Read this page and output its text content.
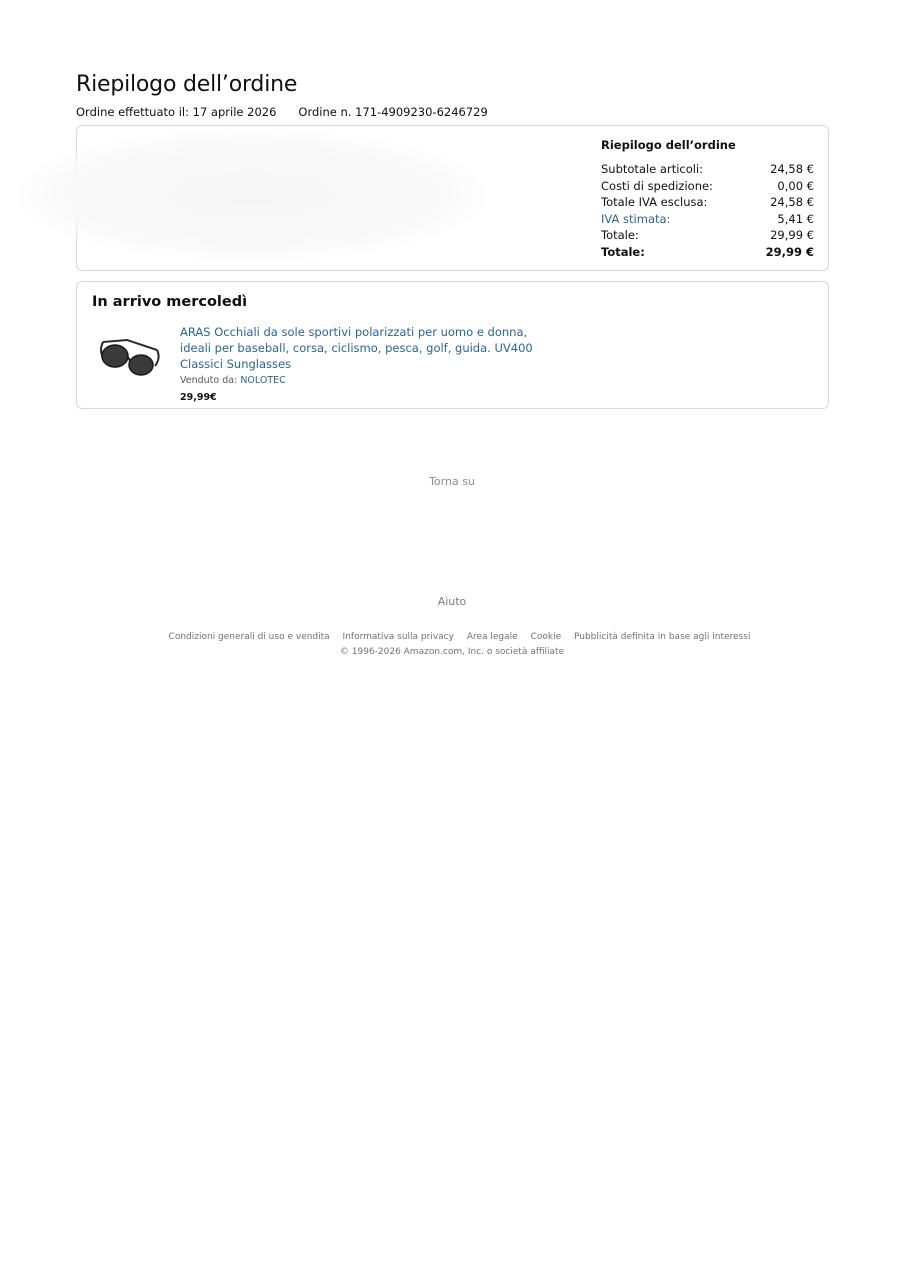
Riepilogo dell’ordine
Ordine effettuato il: 17 aprile 2026 Ordine n. 171-4909230-6246729
Riepilogo dell’ordine
Subtotale articoli:	24,58 €
Costi di spedizione:	0,00 €
Totale IVA esclusa:	24,58 €
IVA stimata:	5,41 €
Totale:	29,99 €
Totale:	29,99 €
In arrivo mercoledì
ARAS Occhiali da sole sportivi polarizzati per uomo e donna, ideali per baseball, corsa, ciclismo, pesca, golf, guida. UV400 Classici Sunglasses
Venduto da: NOLOTEC
29,99€
Torna su
Aiuto
Condizioni generali di uso e vendita Informativa sulla privacy Area legale Cookie Pubblicità definita in base agli interessi
© 1996-2026 Amazon.com, Inc. o società affiliate
